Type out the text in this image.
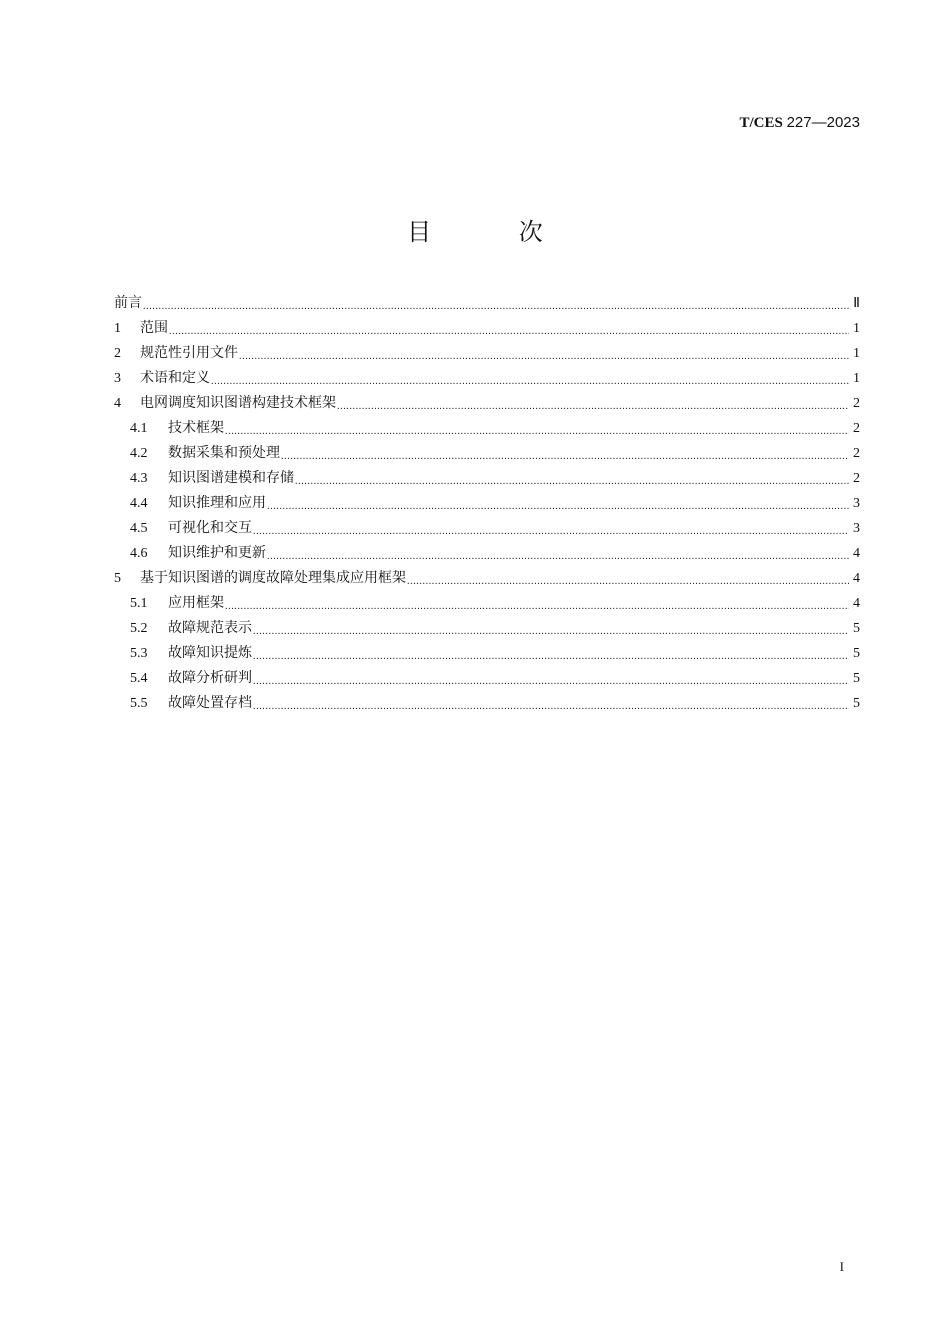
T/CES 227—2023
目 次
前言 .....	Ⅱ
1	范围 .....	1
2	规范性引用文件 .....	1
3	术语和定义 .....	1
4	电网调度知识图谱构建技术框架 .....	2
4.1	技术框架 .....	2
4.2	数据采集和预处理 .....	2
4.3	知识图谱建模和存储 .....	2
4.4	知识推理和应用 .....	3
4.5	可视化和交互 .....	3
4.6	知识维护和更新 .....	4
5	基于知识图谱的调度故障处理集成应用框架 .....	4
5.1	应用框架 .....	4
5.2	故障规范表示 .....	5
5.3	故障知识提炼 .....	5
5.4	故障分析研判 .....	5
5.5	故障处置存档 .....	5
I
